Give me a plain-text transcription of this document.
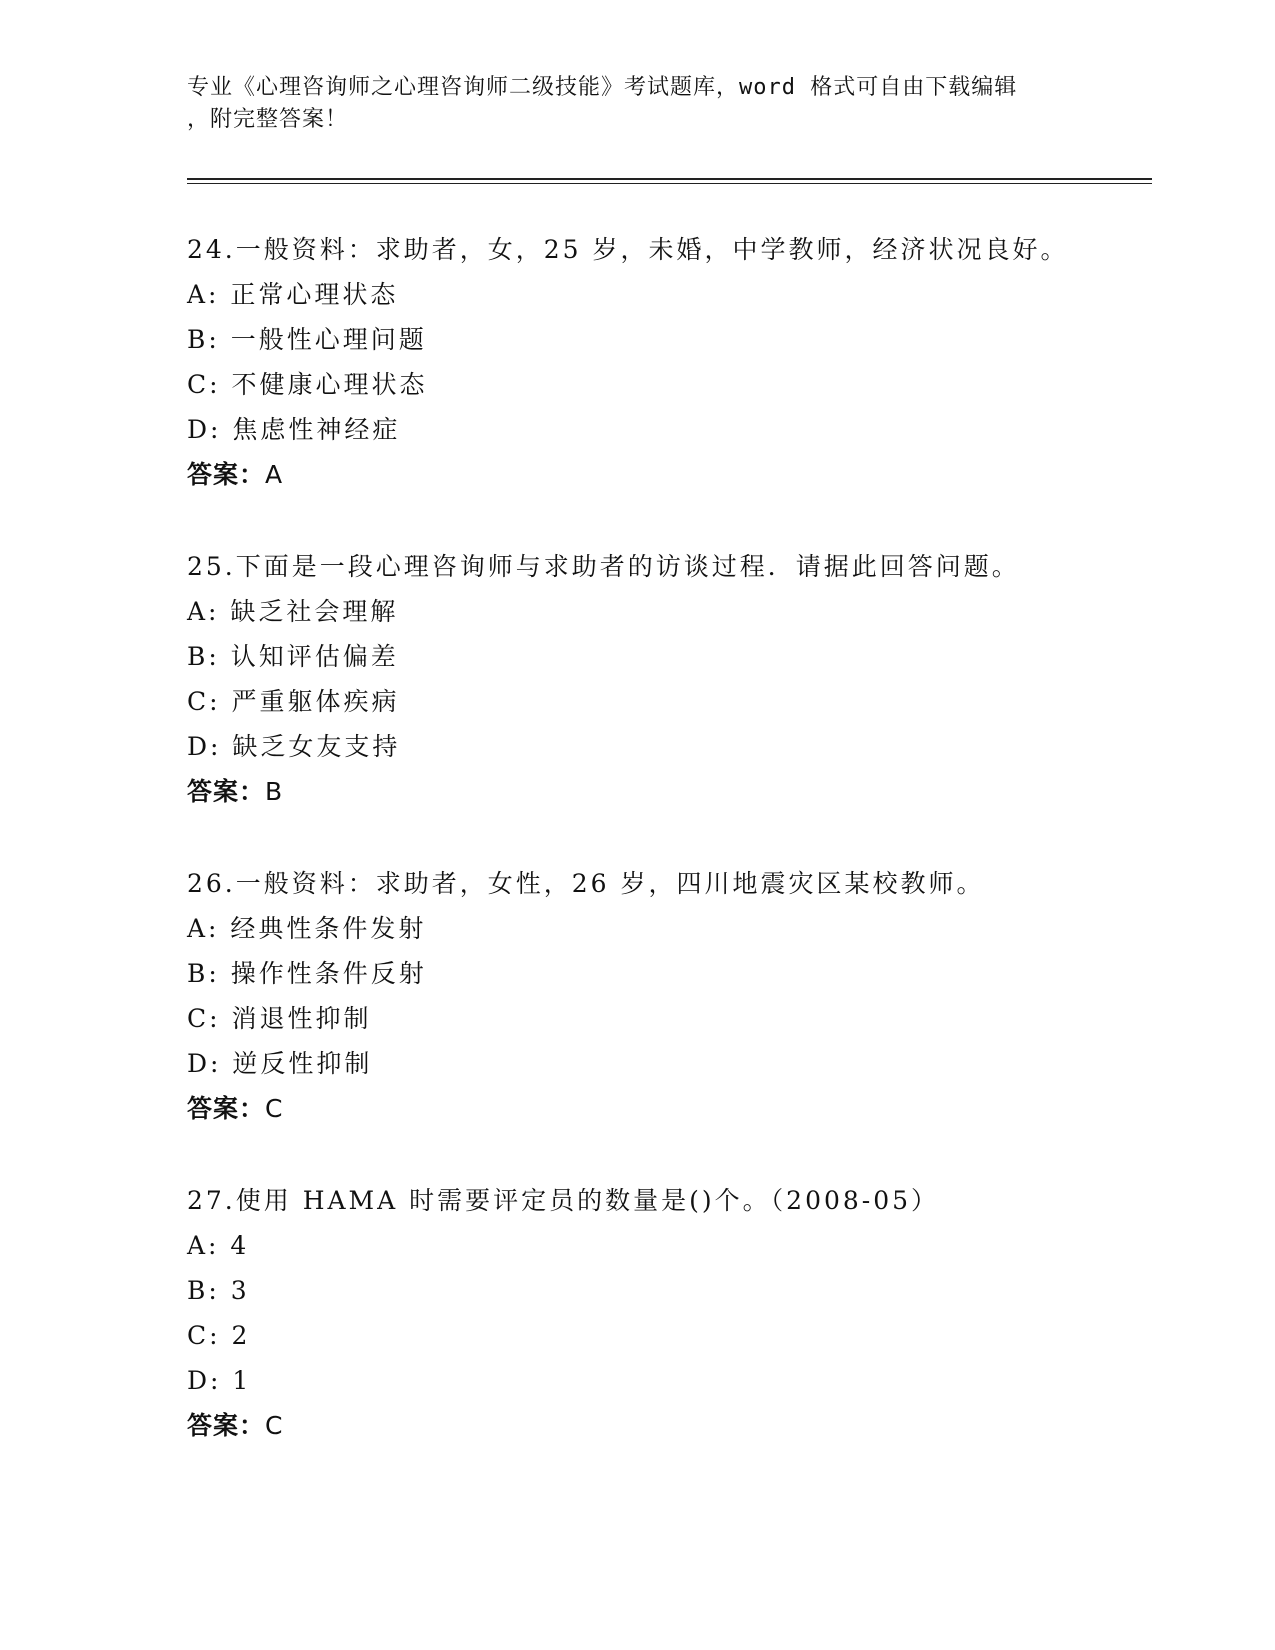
专业《心理咨询师之心理咨询师二级技能》考试题库，word 格式可自由下载编辑
，附完整答案！
24.一般资料：求助者，女，25 岁，未婚，中学教师，经济状况良好。
A: 正常心理状态
B: 一般性心理问题
C: 不健康心理状态
D: 焦虑性神经症
答案：A
25.下面是一段心理咨询师与求助者的访谈过程．请据此回答问题。
A: 缺乏社会理解
B: 认知评估偏差
C: 严重躯体疾病
D: 缺乏女友支持
答案：B
26.一般资料：求助者，女性，26 岁，四川地震灾区某校教师。
A: 经典性条件发射
B: 操作性条件反射
C: 消退性抑制
D: 逆反性抑制
答案：C
27.使用 HAMA 时需要评定员的数量是()个。（2008-05）
A: 4
B: 3
C: 2
D: 1
答案：C
